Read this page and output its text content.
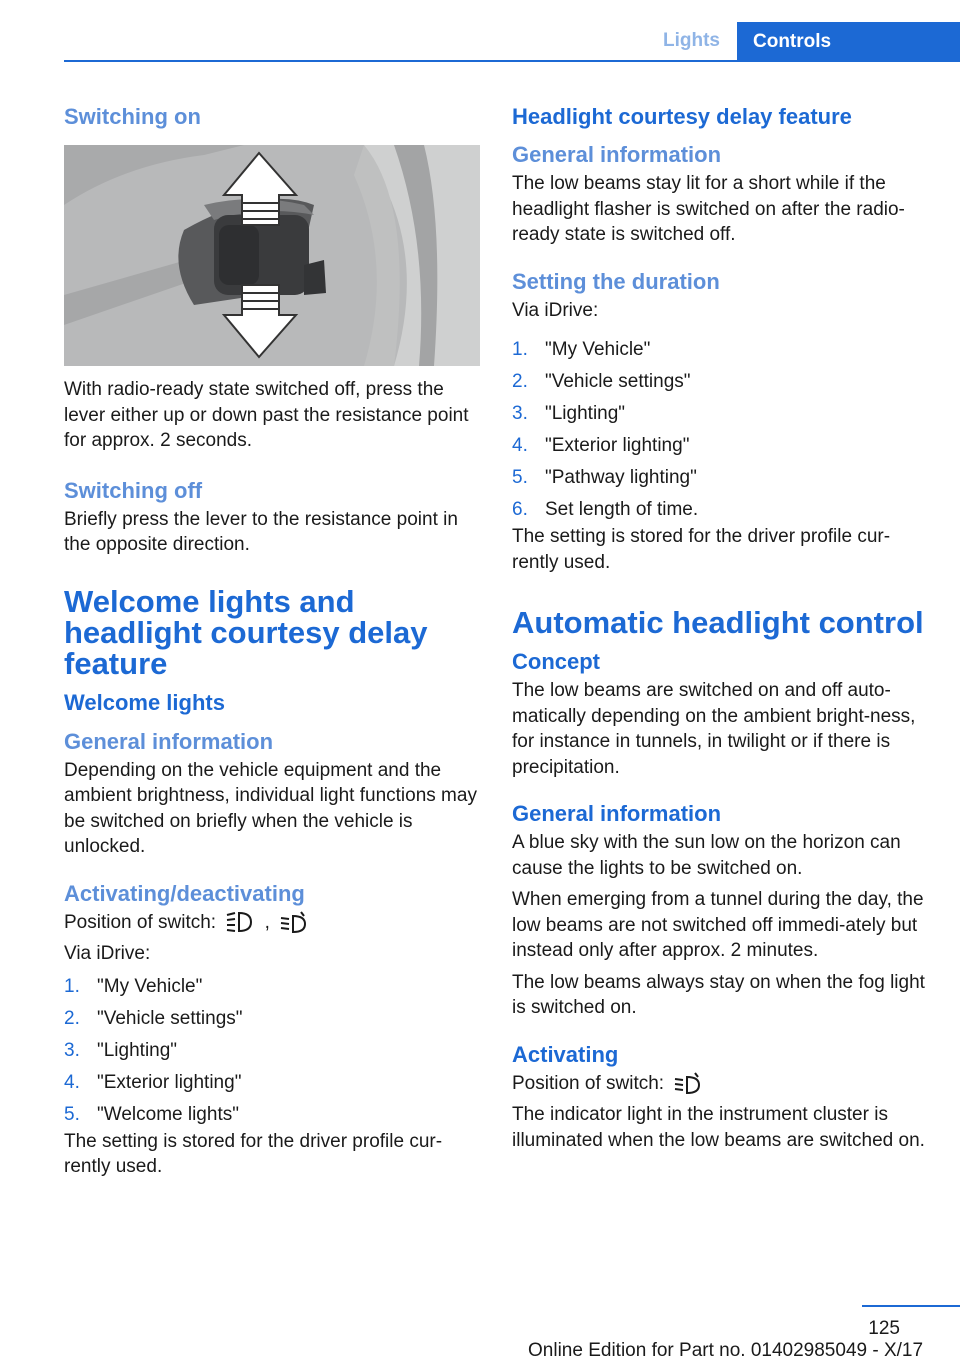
Lights	Controls
Switching on

With radio-ready state switched off, press the lever either up or down past the resistance point for approx. 2 seconds.

Switching off

Briefly press the lever to the resistance point in the opposite direction.

Welcome lights and headlight courtesy delay feature
Welcome lights
General information

Depending on the vehicle equipment and the ambient brightness, individual light functions may be switched on briefly when the vehicle is unlocked.

Activating/deactivating

Position of switch:	,

Via iDrive:

1. "My Vehicle"
2. "Vehicle settings"
3. "Lighting"
4. "Exterior lighting"
5. "Welcome lights"

The setting is stored for the driver profile cur‐rently used.

Headlight courtesy delay feature
General information

The low beams stay lit for a short while if the headlight flasher is switched on after the radio-ready state is switched off.

Setting the duration

Via iDrive:

1. "My Vehicle"
2. "Vehicle settings"
3. "Lighting"
4. "Exterior lighting"
5. "Pathway lighting"
6. Set length of time.

The setting is stored for the driver profile cur‐rently used.

Automatic headlight control
Concept

The low beams are switched on and off auto‐matically depending on the ambient bright‐ness, for instance in tunnels, in twilight or if there is precipitation.

General information

A blue sky with the sun low on the horizon can cause the lights to be switched on.

When emerging from a tunnel during the day, the low beams are not switched off immedi‐ately but instead only after approx. 2 minutes.

The low beams always stay on when the fog light is switched on.

Activating

Position of switch:

The indicator light in the instrument cluster is illuminated when the low beams are switched on.

125
Online Edition for Part no. 01402985049 - X/17
